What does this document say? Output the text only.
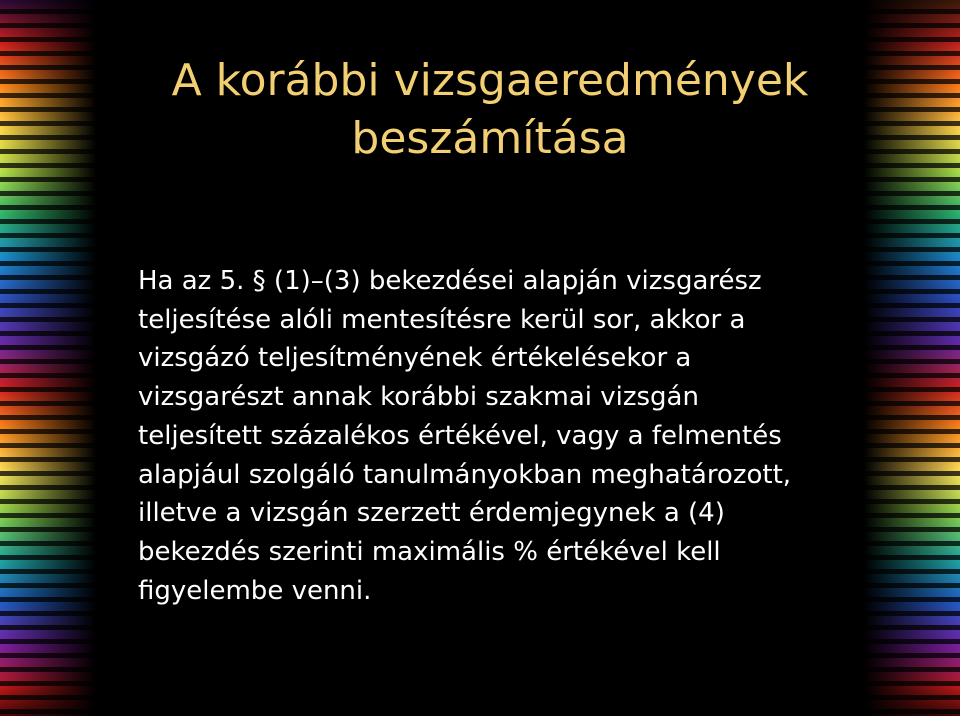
A korábbi vizsgaeredmények
beszámítása
Ha az 5. § (1)–(3) bekezdései alapján vizsgarész
teljesítése alóli mentesítésre kerül sor, akkor a
vizsgázó teljesítményének értékelésekor a
vizsgarészt annak korábbi szakmai vizsgán
teljesített százalékos értékével, vagy a felmentés
alapjául szolgáló tanulmányokban meghatározott,
illetve a vizsgán szerzett érdemjegynek a (4)
bekezdés szerinti maximális % értékével kell
figyelembe venni.
